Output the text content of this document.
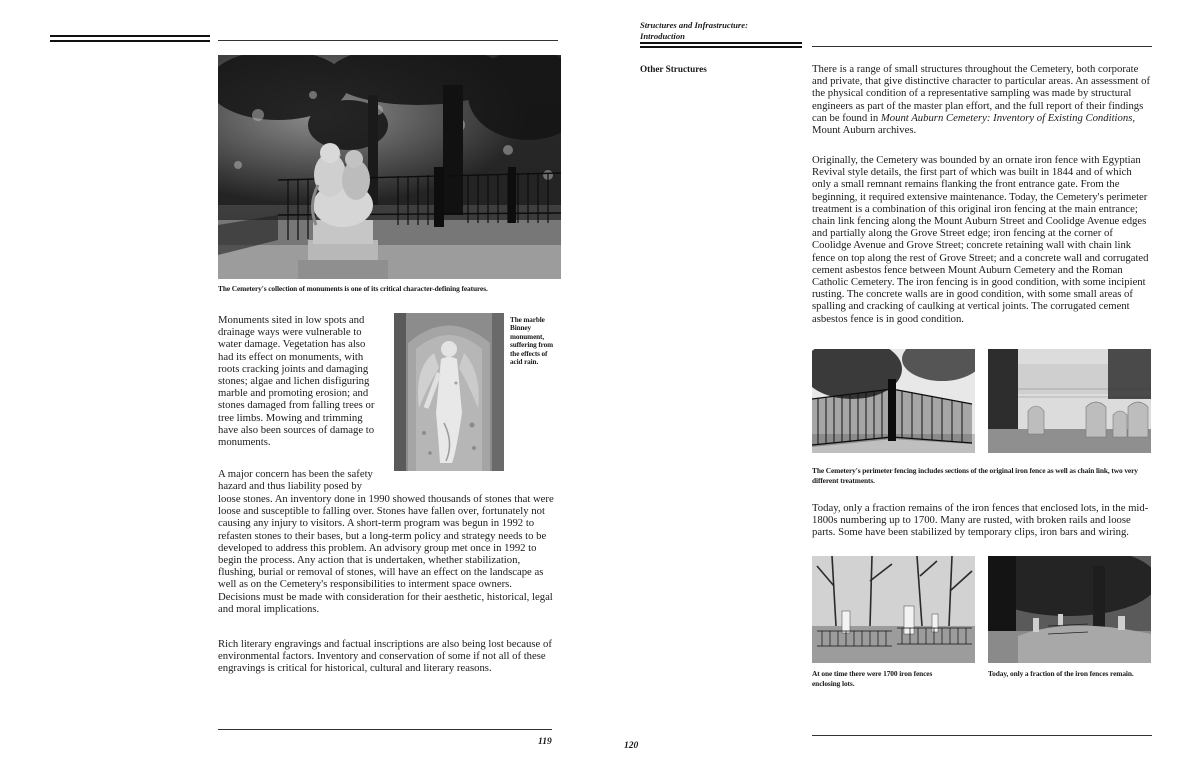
The Cemetery's collection of monuments is one of its critical character-defining features.
The marble Binney monument, suffering from the effects of acid rain.
Monuments sited in low spots and drainage ways were vulnerable to water damage. Vegetation has also had its effect on monuments, with roots cracking joints and damaging stones; algae and lichen disfiguring marble and promoting erosion; and stones damaged from falling trees or tree limbs. Mowing and trimming have also been sources of damage to monuments.
A major concern has been the safety hazard and thus liability posed by
loose stones. An inventory done in 1990 showed thousands of stones that were loose and susceptible to falling over. Stones have fallen over, fortunately not causing any injury to visitors. A short-term program was begun in 1992 to refasten stones to their bases, but a long-term policy and strategy needs to be developed to address this problem. An advisory group met once in 1992 to begin the process. Any action that is undertaken, whether stabilization, flushing, burial or removal of stones, will have an effect on the landscape as well as on the Cemetery's responsibilities to interment space owners. Decisions must be made with consideration for their aesthetic, historical, legal and moral implications.
Rich literary engravings and factual inscriptions are also being lost because of environmental factors. Inventory and conservation of some if not all of these engravings is critical for historical, cultural and literary reasons.
119
Structures and Infrastructure:
Introduction
Other Structures	There is a range of small structures throughout the Cemetery, both corporate and private, that give distinctive character to particular areas. An assessment of the physical condition of a representative sampling was made by structural engineers as part of the master plan effort, and the full report of their findings can be found in Mount Auburn Cemetery: Inventory of Existing Conditions, Mount Auburn archives.
Originally, the Cemetery was bounded by an ornate iron fence with Egyptian Revival style details, the first part of which was built in 1844 and of which only a small remnant remains flanking the front entrance gate. From the beginning, it required extensive maintenance. Today, the Cemetery's perimeter treatment is a combination of this original iron fencing at the main entrance; chain link fencing along the Mount Auburn Street and Coolidge Avenue edges and partially along the Grove Street edge; iron fencing at the corner of Coolidge Avenue and Grove Street; concrete retaining wall with chain link fence on top along the rest of Grove Street; and a concrete wall and corrugated cement asbestos fence between Mount Auburn Cemetery and the Roman Catholic Cemetery. The iron fencing is in good condition, with some incipient rusting. The concrete walls are in good condition, with some small areas of spalling and cracking of caulking at vertical joints. The corrugated cement asbestos fence is in good condition.
The Cemetery's perimeter fencing includes sections of the original iron fence as well as chain link, two very different treatments.
Today, only a fraction remains of the iron fences that enclosed lots, in the mid-1800s numbering up to 1700. Many are rusted, with broken rails and loose parts. Some have been stabilized by temporary clips, iron bars and wiring.
At one time there were 1700 iron fences enclosing lots.
Today, only a fraction of the iron fences remain.
120
